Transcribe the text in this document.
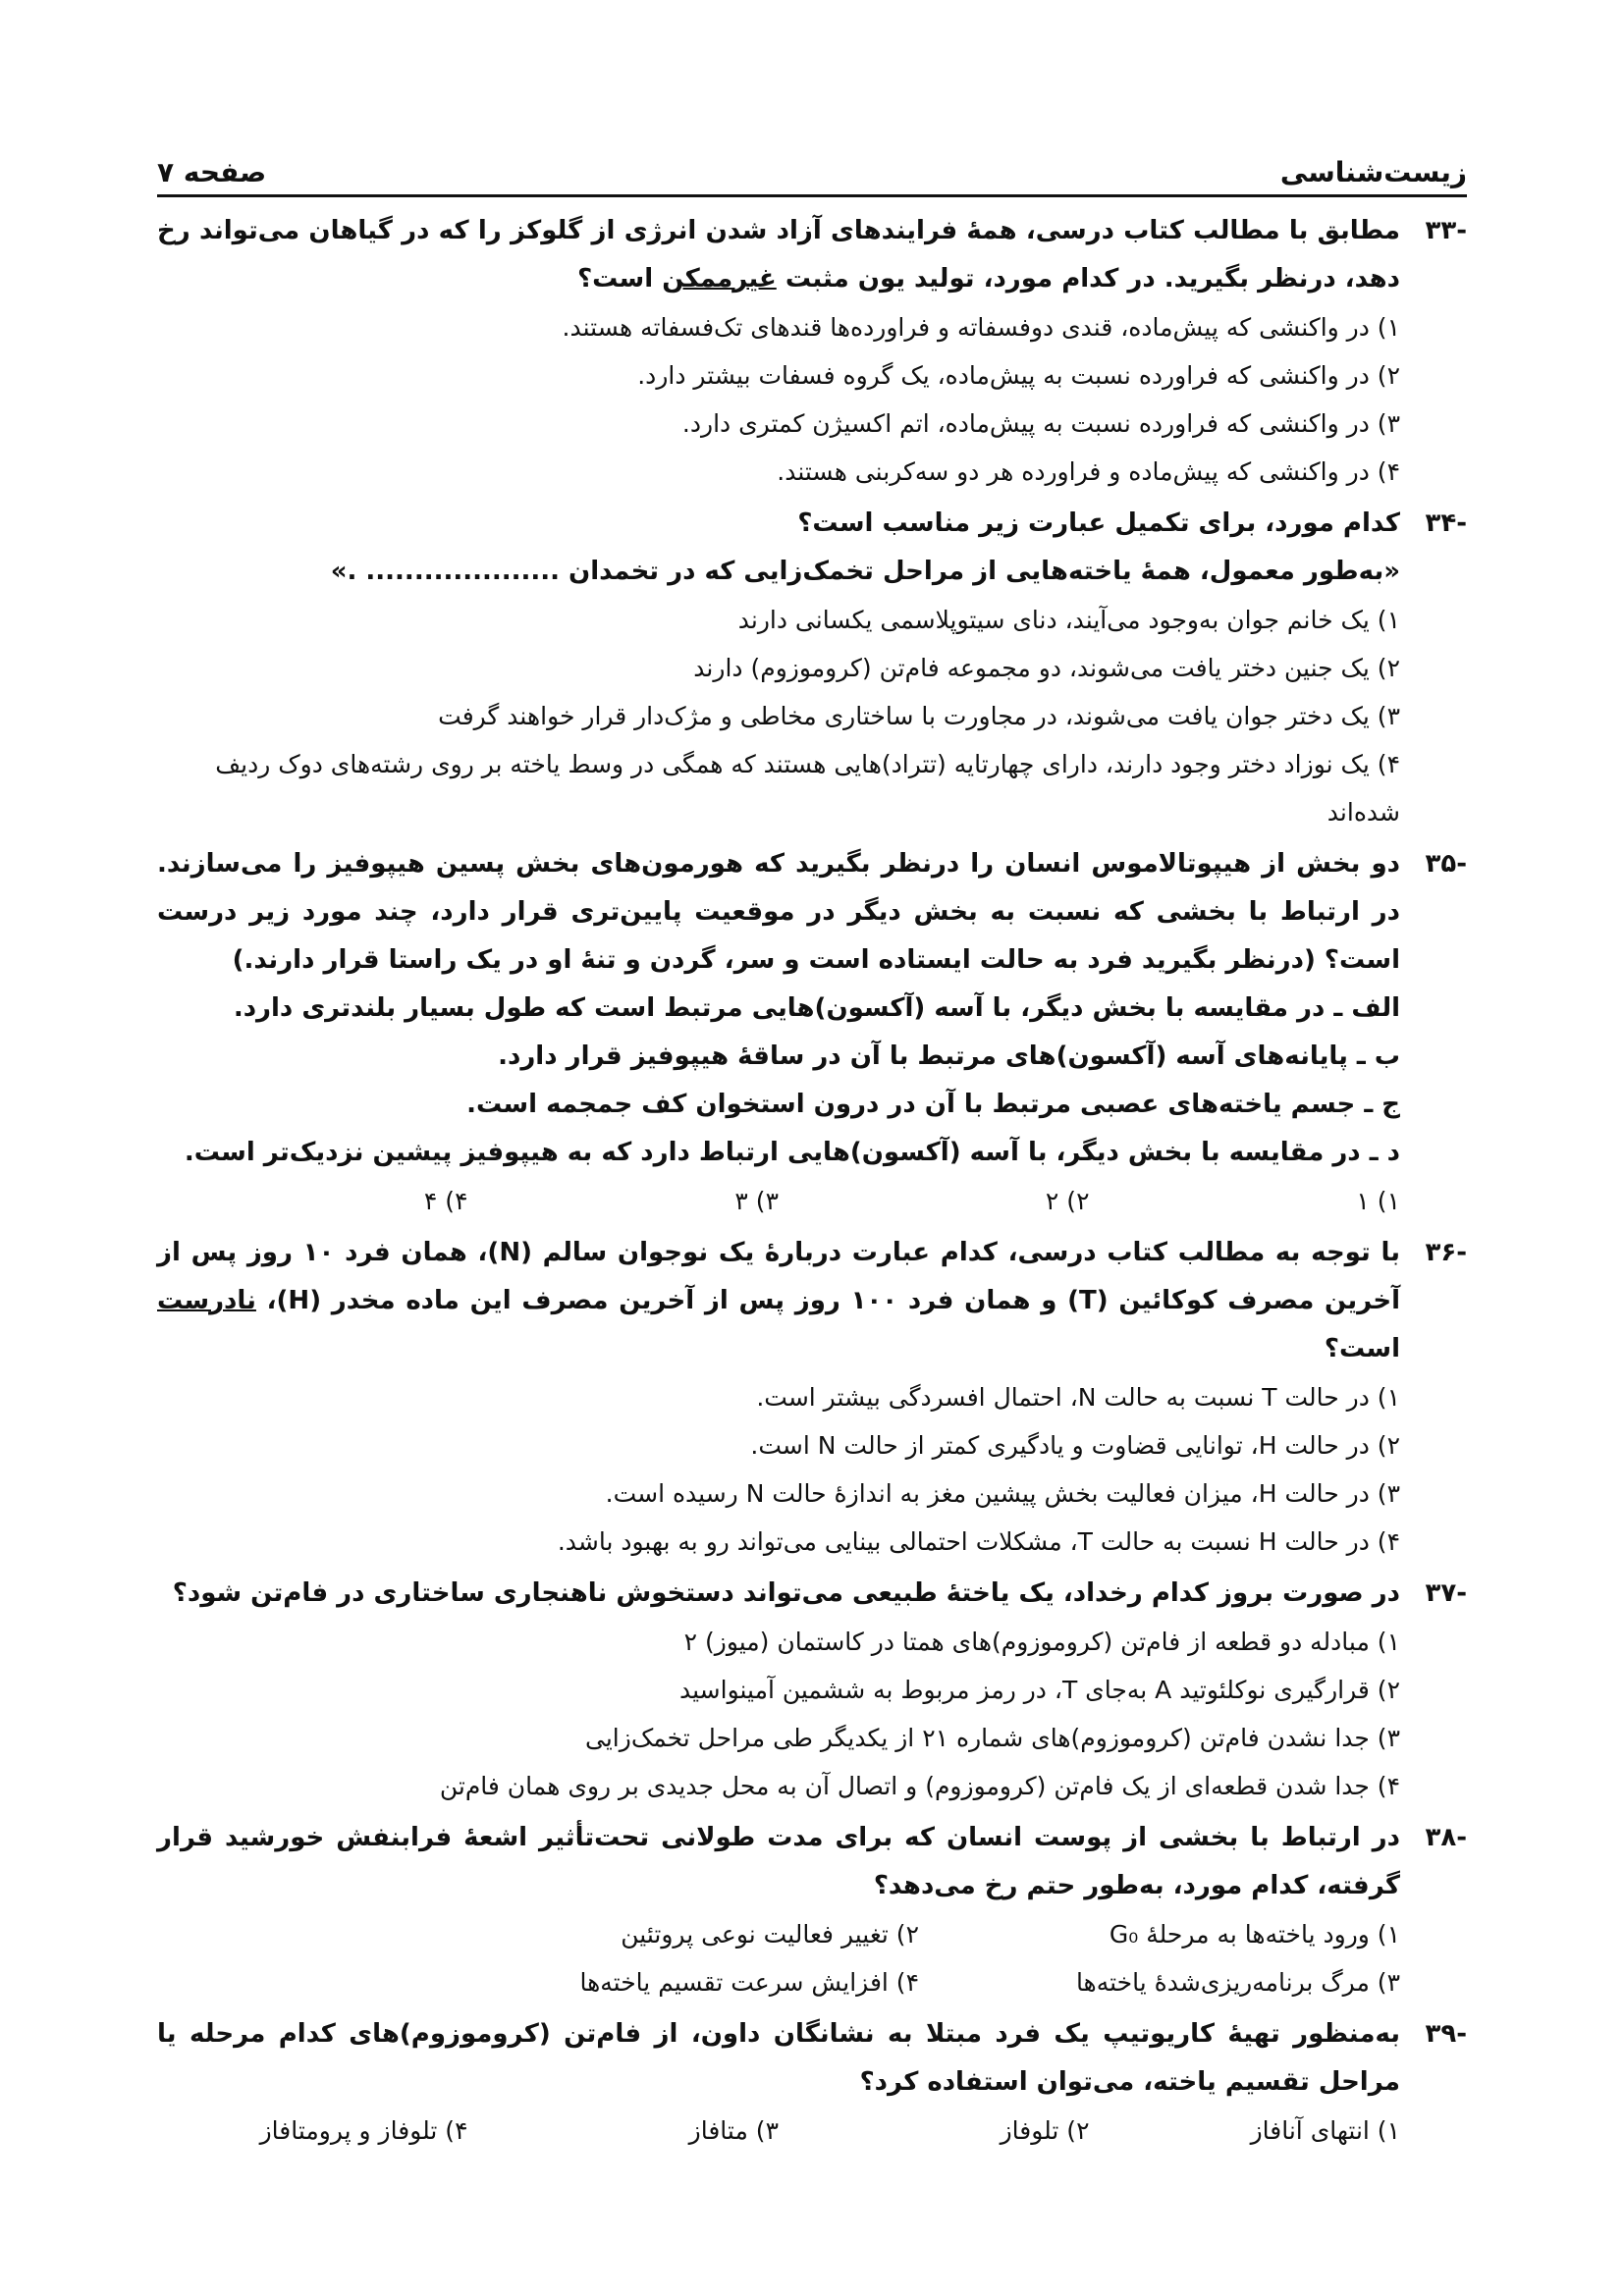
زیست‌شناسی
صفحه ۷
-۳۳
مطابق با مطالب کتاب درسی، همهٔ فرایندهای آزاد شدن انرژی از گلوکز را که در گیاهان می‌تواند رخ دهد، درنظر بگیرید. در کدام مورد، تولید یون مثبت غیرممکن است؟
۱) در واکنشی که پیش‌ماده، قندی دوفسفاته و فراورده‌ها قندهای تک‌فسفاته هستند.
۲) در واکنشی که فراورده نسبت به پیش‌ماده، یک گروه فسفات بیشتر دارد.
۳) در واکنشی که فراورده نسبت به پیش‌ماده، اتم اکسیژن کمتری دارد.
۴) در واکنشی که پیش‌ماده و فراورده هر دو سه‌کربنی هستند.
-۳۴
کدام مورد، برای تکمیل عبارت زیر مناسب است؟
«به‌طور معمول، همهٔ یاخته‌هایی از مراحل تخمک‌زایی که در تخمدان .................... .»
۱) یک خانم جوان به‌وجود می‌آیند، دنای سیتوپلاسمی یکسانی دارند
۲) یک جنین دختر یافت می‌شوند، دو مجموعه فام‌تن (کروموزوم) دارند
۳) یک دختر جوان یافت می‌شوند، در مجاورت با ساختاری مخاطی و مژک‌دار قرار خواهند گرفت
۴) یک نوزاد دختر وجود دارند، دارای چهارتایه (تتراد)هایی هستند که همگی در وسط یاخته بر روی رشته‌های دوک ردیف شده‌اند
-۳۵
دو بخش از هیپوتالاموس انسان را درنظر بگیرید که هورمون‌های بخش پسین هیپوفیز را می‌سازند. در ارتباط با بخشی که نسبت به بخش دیگر در موقعیت پایین‌تری قرار دارد، چند مورد زیر درست است؟ (درنظر بگیرید فرد به حالت ایستاده است و سر، گردن و تنهٔ او در یک راستا قرار دارند.)
الف ـ در مقایسه با بخش دیگر، با آسه (آکسون)هایی مرتبط است که طول بسیار بلندتری دارد.
ب ـ پایانه‌های آسه (آکسون)های مرتبط با آن در ساقهٔ هیپوفیز قرار دارد.
ج ـ جسم یاخته‌های عصبی مرتبط با آن در درون استخوان کف جمجمه است.
د ـ در مقایسه با بخش دیگر، با آسه (آکسون)هایی ارتباط دارد که به هیپوفیز پیشین نزدیک‌تر است.
۱) ۱
۲) ۲
۳) ۳
۴) ۴
-۳۶
با توجه به مطالب کتاب درسی، کدام عبارت دربارهٔ یک نوجوان سالم (N)، همان فرد ۱۰ روز پس از آخرین مصرف کوکائین (T) و همان فرد ۱۰۰ روز پس از آخرین مصرف این ماده مخدر (H)، نادرست است؟
۱) در حالت T نسبت به حالت N، احتمال افسردگی بیشتر است.
۲) در حالت H، توانایی قضاوت و یادگیری کمتر از حالت N است.
۳) در حالت H، میزان فعالیت بخش پیشین مغز به اندازهٔ حالت N رسیده است.
۴) در حالت H نسبت به حالت T، مشکلات احتمالی بینایی می‌تواند رو به بهبود باشد.
-۳۷
در صورت بروز کدام رخداد، یک یاختهٔ طبیعی می‌تواند دستخوش ناهنجاری ساختاری در فام‌تن شود؟
۱) مبادله دو قطعه از فام‌تن (کروموزوم)های همتا در کاستمان (میوز) ۲
۲) قرارگیری نوکلئوتید A به‌جای T، در رمز مربوط به ششمین آمینواسید
۳) جدا نشدن فام‌تن (کروموزوم)های شماره ۲۱ از یکدیگر طی مراحل تخمک‌زایی
۴) جدا شدن قطعه‌ای از یک فام‌تن (کروموزوم) و اتصال آن به محل جدیدی بر روی همان فام‌تن
-۳۸
در ارتباط با بخشی از پوست انسان که برای مدت طولانی تحت‌تأثیر اشعهٔ فرابنفش خورشید قرار گرفته، کدام مورد، به‌طور حتم رخ می‌دهد؟
۱) ورود یاخته‌ها به مرحلهٔ G₀
۲) تغییر فعالیت نوعی پروتئین
۳) مرگ برنامه‌ریزی‌شدهٔ یاخته‌ها
۴) افزایش سرعت تقسیم یاخته‌ها
-۳۹
به‌منظور تهیهٔ کاریوتیپ یک فرد مبتلا به نشانگان داون، از فام‌تن (کروموزوم)های کدام مرحله یا مراحل تقسیم یاخته، می‌توان استفاده کرد؟
۱) انتهای آنافاز
۲) تلوفاز
۳) متافاز
۴) تلوفاز و پرومتافاز
